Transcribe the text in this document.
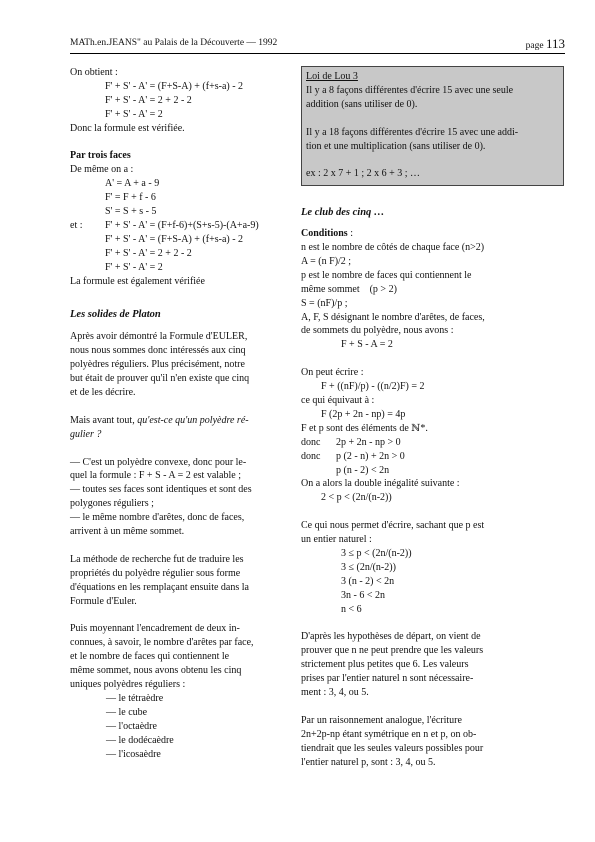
MATh.en.JEANS" au Palais de la Découverte — 1992	page 113
On obtient :
F' + S' - A' = (F+S-A) + (f+s-a) - 2
F' + S' - A' = 2 + 2 - 2
F' + S' - A' = 2
Donc la formule est vérifiée.
Par trois faces
De même on a :
A' = A + a - 9
F' = F + f - 6
S' = S + s - 5
et :	F' + S' - A' = (F+f-6)+(S+s-5)-(A+a-9)
F' + S' - A' = (F+S-A) + (f+s-a) - 2
F' + S' - A' = 2 + 2 - 2
F' + S' - A' = 2
La formule est également vérifiée
Les solides de Platon
Après avoir démontré la Formule d'EULER,
nous nous sommes donc intéressés aux cinq
polyèdres réguliers. Plus précisément, notre
but était de prouver qu'il n'en existe que cinq
et de les décrire.
Mais avant tout, qu'est-ce qu'un polyèdre ré-
gulier ?
— C'est un polyèdre convexe, donc pour le-
quel la formule : F + S - A = 2 est valable ;
— toutes ses faces sont identiques et sont des
polygones réguliers ;
— le même nombre d'arêtes, donc de faces,
arrivent à un même sommet.
La méthode de recherche fut de traduire les
propriétés du polyèdre régulier sous forme
d'équations en les remplaçant ensuite dans la
Formule d'Euler.
Puis moyennant l'encadrement de deux in-
connues, à savoir, le nombre d'arêtes par face,
et le nombre de faces qui contiennent le
même sommet, nous avons obtenu les cinq
uniques polyèdres réguliers :
— le tétraèdre
— le cube
— l'octaèdre
— le dodécaèdre
— l'icosaèdre
Loi de Lou 3
Il y a 8 façons différentes d'écrire 15 avec une seule
addition (sans utiliser de 0).
Il y a 18 façons différentes d'écrire 15 avec une addi-
tion et une multiplication (sans utiliser de 0).
ex : 2 x 7 + 1 ; 2 x 6 + 3 ; …
Le club des cinq …
Conditions :
n est le nombre de côtés de chaque face (n>2)
A = (n F)/2 ;
p est le nombre de faces qui contiennent le
même sommet    (p > 2)
S = (nF)/p ;
A, F, S désignant le nombre d'arêtes, de faces,
de sommets du polyèdre, nous avons :
F + S - A = 2
On peut écrire :
F + ((nF)/p) - ((n/2)F) = 2
ce qui équivaut à :
F (2p + 2n - np) = 4p
F et p sont des éléments de ℕ*.
donc	2p + 2n - np > 0
donc	p (2 - n) + 2n > 0
p (n - 2) < 2n
On a alors la double inégalité suivante :
2 < p < (2n/(n-2))
Ce qui nous permet d'écrire, sachant que p est
un entier naturel :
3 ≤ p < (2n/(n-2))
3 ≤ (2n/(n-2))
3 (n - 2) < 2n
3n - 6 < 2n
n < 6
D'après les hypothèses de départ, on vient de
prouver que n ne peut prendre que les valeurs
strictement plus petites que 6. Les valeurs
prises par l'entier naturel n sont nécessaire-
ment : 3, 4, ou 5.
Par un raisonnement analogue, l'écriture
2n+2p-np étant symétrique en n et p, on ob-
tiendrait que les seules valeurs possibles pour
l'entier naturel p, sont : 3, 4, ou 5.
